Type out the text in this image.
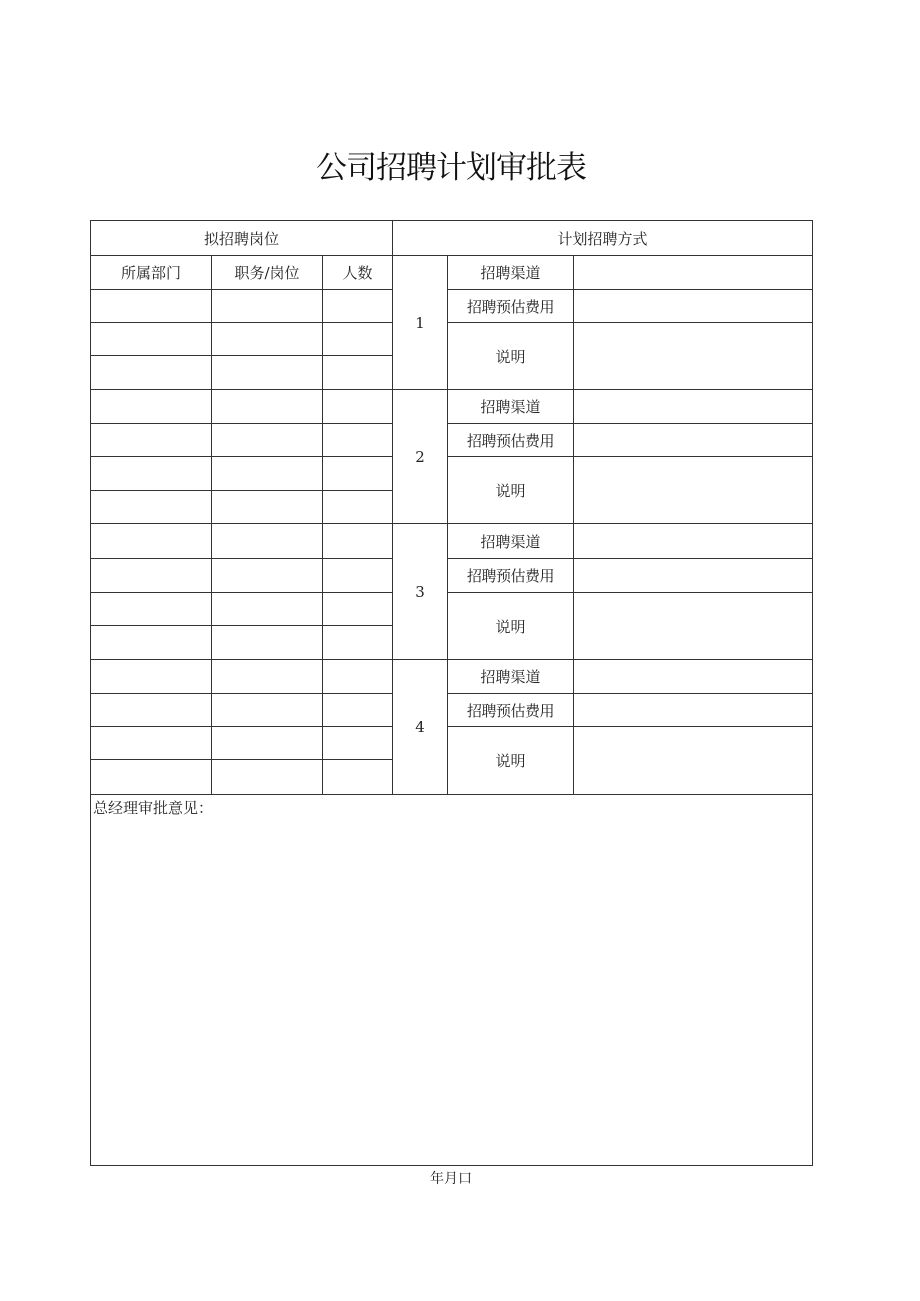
公司招聘计划审批表
拟招聘岗位			计划招聘方式		
所属部门	职务/岗位	人数	1	招聘渠道	
				招聘预估费用	
				说明	

			2	招聘渠道	
				招聘预估费用	
				说明	

			3	招聘渠道	
				招聘预估费用	
				说明	

			4	招聘渠道	
				招聘预估费用	
				说明	

总经理审批意见：					
年月口
